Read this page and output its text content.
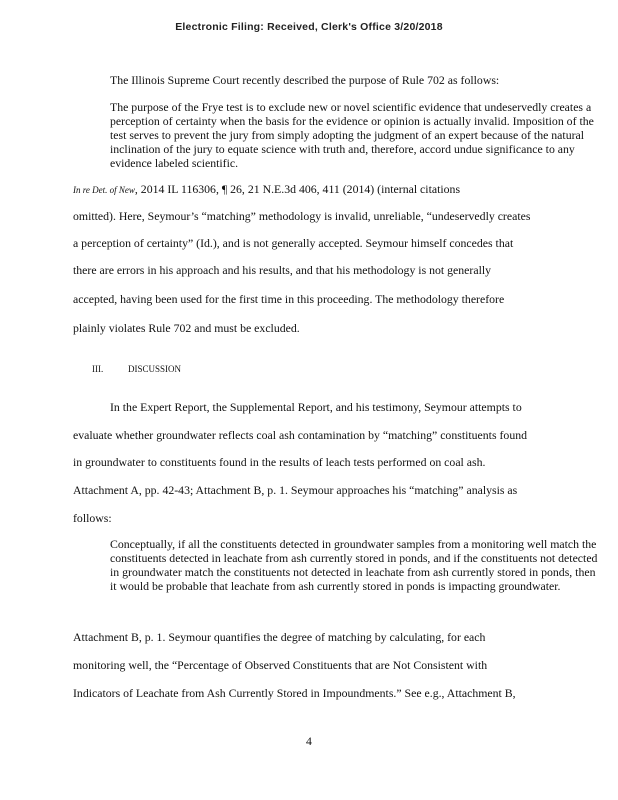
Electronic Filing: Received, Clerk's Office 3/20/2018

The Illinois Supreme Court recently described the purpose of Rule 702 as follows:

The purpose of the Frye test is to exclude new or novel scientific evidence that undeservedly creates a perception of certainty when the basis for the evidence or opinion is actually invalid. Imposition of the test serves to prevent the jury from simply adopting the judgment of an expert because of the natural inclination of the jury to equate science with truth and, therefore, accord undue significance to any evidence labeled scientific.

In re Det. of New, 2014 IL 116306, ¶ 26, 21 N.E.3d 406, 411 (2014) (internal citations

omitted). Here, Seymour’s “matching” methodology is invalid, unreliable, “undeservedly creates

a perception of certainty” (Id.), and is not generally accepted. Seymour himself concedes that

there are errors in his approach and his results, and that his methodology is not generally

accepted, having been used for the first time in this proceeding. The methodology therefore

plainly violates Rule 702 and must be excluded.

III.	DISCUSSION

In the Expert Report, the Supplemental Report, and his testimony, Seymour attempts to

evaluate whether groundwater reflects coal ash contamination by “matching” constituents found

in groundwater to constituents found in the results of leach tests performed on coal ash.

Attachment A, pp. 42-43; Attachment B, p. 1. Seymour approaches his “matching” analysis as

follows:

Conceptually, if all the constituents detected in groundwater samples from a monitoring well match the constituents detected in leachate from ash currently stored in ponds, and if the constituents not detected in groundwater match the constituents not detected in leachate from ash currently stored in ponds, then it would be probable that leachate from ash currently stored in ponds is impacting groundwater.

Attachment B, p. 1. Seymour quantifies the degree of matching by calculating, for each

monitoring well, the “Percentage of Observed Constituents that are Not Consistent with

Indicators of Leachate from Ash Currently Stored in Impoundments.” See e.g., Attachment B,

4
